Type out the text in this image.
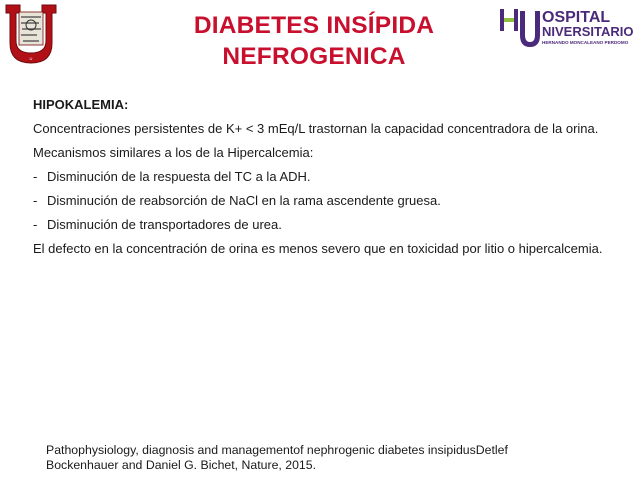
U
DIABETES INSÍPIDA
NEFROGENICA
OSPITAL
NIVERSITARIO
HERNANDO MONCALEANO PERDOMO

HIPOKALEMIA:

Concentraciones persistentes de K+ < 3 mEq/L trastornan la capacidad concentradora de la orina.

Mecanismos similares a los de la Hipercalcemia:

- Disminución de la respuesta del TC a la ADH.
- Disminución de reabsorción de NaCl en la rama ascendente gruesa.
- Disminución de transportadores de urea.

El defecto en la concentración de orina es menos severo que en toxicidad por litio o hipercalcemia.

Pathophysiology, diagnosis and managementof nephrogenic diabetes insipidusDetlef
Bockenhauer and Daniel G. Bichet, Nature, 2015.
